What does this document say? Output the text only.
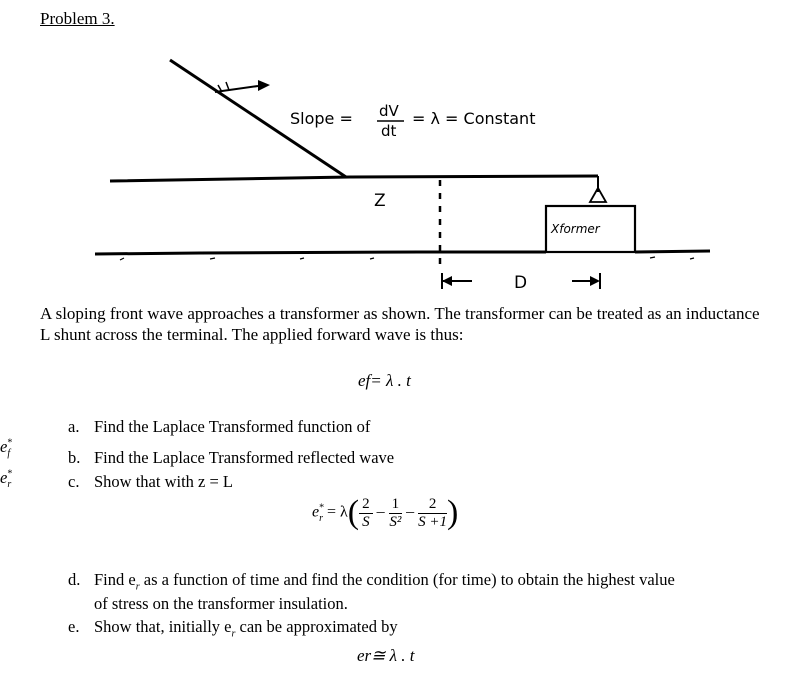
Problem 3.
Slope = dV
dt
= λ = Constant
Z
Xformer
D
A sloping front wave approaches a transformer as shown. The transformer can be treated as an inductance L shunt across the terminal. The applied forward wave is thus:
ef= λ . t
a. Find the Laplace Transformed function of $e^*_f$	b. Find the Laplace Transformed reflected wave $e^*_r$	c. Show that with z = L
$e^*_r = \lambda( \frac{2}{S} - \frac{1}{\text{S²}} - \frac{2}{S +1}$ )
d. Find $e_r$ as a function of time and find the condition (for time) to obtain the highest value
of stress on the transformer insulation.
e. Show that, initially $e_r$ can be approximated by
er≅ λ . t
